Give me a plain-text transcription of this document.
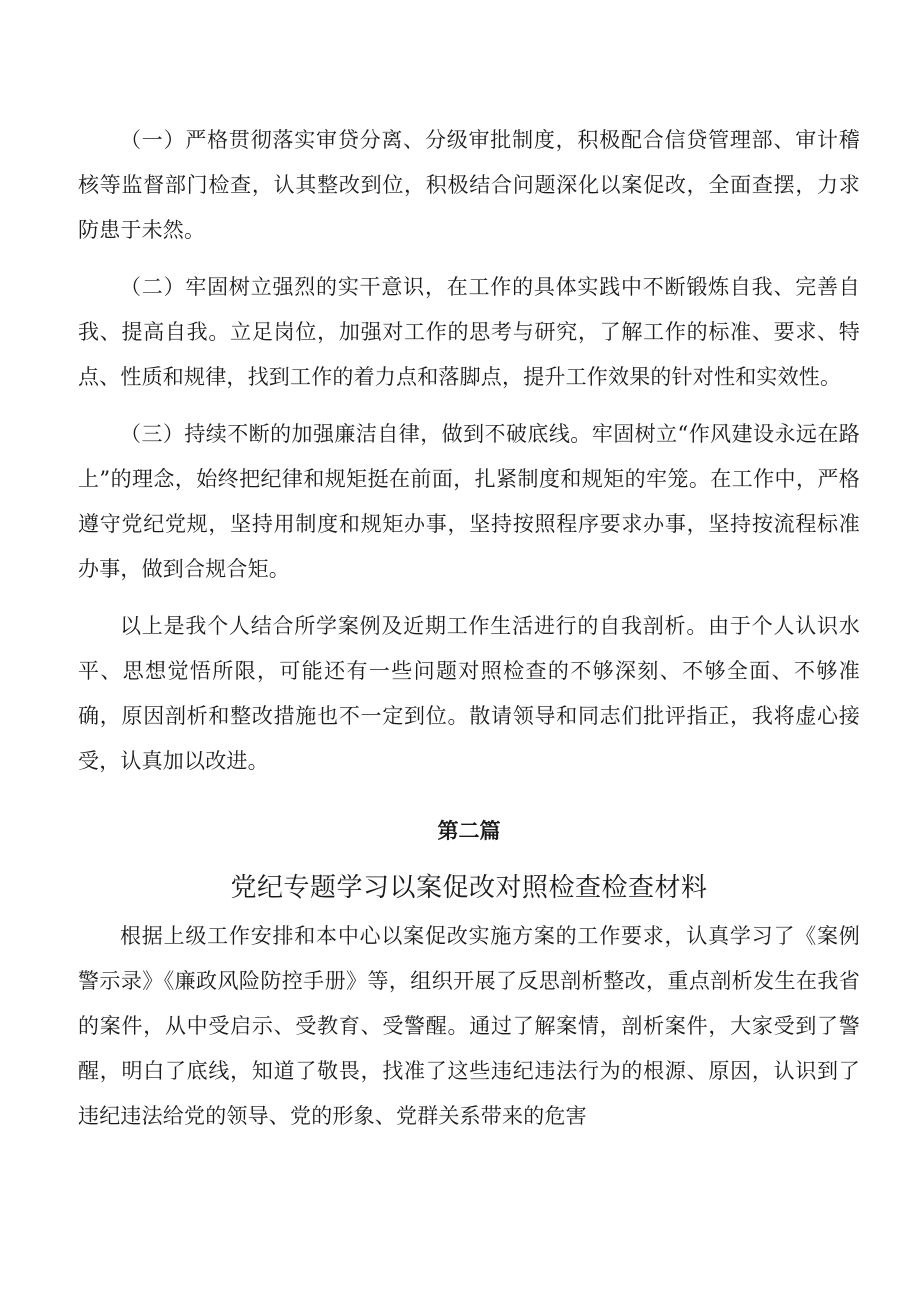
（一）严格贯彻落实审贷分离、分级审批制度，积极配合信贷管理部、审计稽核等监督部门检查，认其整改到位，积极结合问题深化以案促改，全面查摆，力求防患于未然。

（二）牢固树立强烈的实干意识，在工作的具体实践中不断锻炼自我、完善自我、提高自我。立足岗位，加强对工作的思考与研究，了解工作的标准、要求、特点、性质和规律，找到工作的着力点和落脚点，提升工作效果的针对性和实效性。

（三）持续不断的加强廉洁自律，做到不破底线。牢固树立“作风建设永远在路上”的理念，始终把纪律和规矩挺在前面，扎紧制度和规矩的牢笼。在工作中，严格遵守党纪党规，坚持用制度和规矩办事，坚持按照程序要求办事，坚持按流程标准办事，做到合规合矩。

以上是我个人结合所学案例及近期工作生活进行的自我剖析。由于个人认识水平、思想觉悟所限，可能还有一些问题对照检查的不够深刻、不够全面、不够准确，原因剖析和整改措施也不一定到位。散请领导和同志们批评指正，我将虚心接受，认真加以改进。

第二篇
党纪专题学习以案促改对照检查检查材料

根据上级工作安排和本中心以案促改实施方案的工作要求，认真学习了《案例警示录》《廉政风险防控手册》等，组织开展了反思剖析整改，重点剖析发生在我省的案件，从中受启示、受教育、受警醒。通过了解案情，剖析案件，大家受到了警醒，明白了底线，知道了敬畏，找准了这些违纪违法行为的根源、原因，认识到了违纪违法给党的领导、党的形象、党群关系带来的危害
